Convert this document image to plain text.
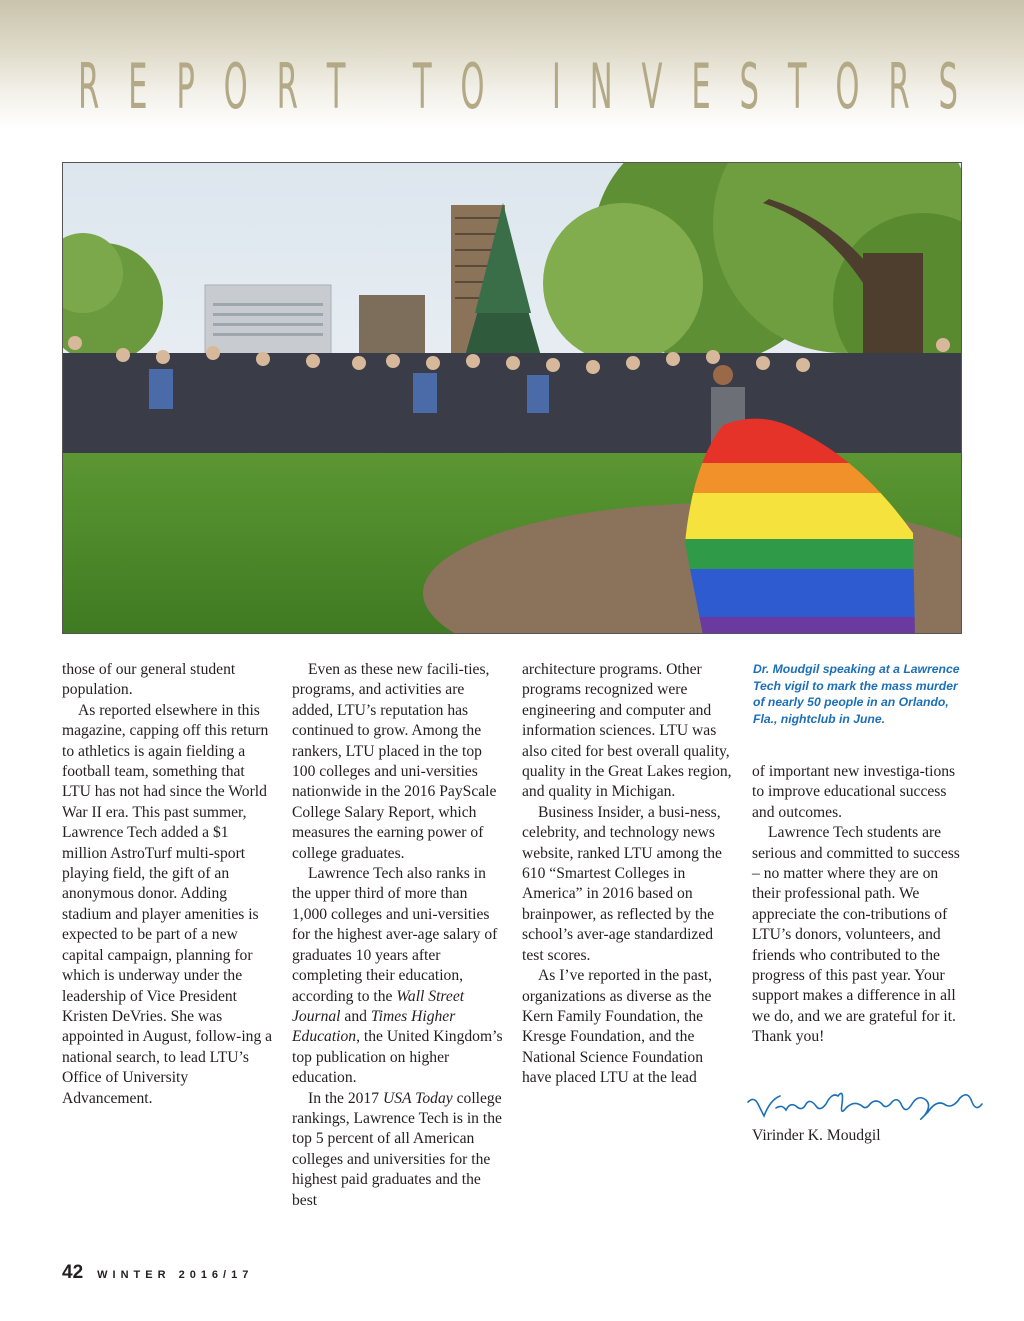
R E P O R T
T O
I N V E S T O R S

those of our general student population.

As reported elsewhere in this magazine, capping off this return to athletics is again fielding a football team, something that LTU has not had since the World War II era. This past summer, Lawrence Tech added a $1 million AstroTurf multi-sport playing field, the gift of an anonymous donor. Adding stadium and player amenities is expected to be part of a new capital campaign, planning for which is underway under the leadership of Vice President Kristen DeVries. She was appointed in August, follow-ing a national search, to lead LTU’s Office of University Advancement.

Even as these new facili-ties, programs, and activities are added, LTU’s reputation has continued to grow. Among the rankers, LTU placed in the top 100 colleges and uni-versities nationwide in the 2016 PayScale College Salary Report, which measures the earning power of college graduates.

Lawrence Tech also ranks in the upper third of more than 1,000 colleges and uni-versities for the highest aver-age salary of graduates 10 years after completing their education, according to the Wall Street Journal and Times Higher Education, the United Kingdom’s top publication on higher education.

In the 2017 USA Today college rankings, Lawrence Tech is in the top 5 percent of all American colleges and universities for the highest paid graduates and the best

architecture programs. Other programs recognized were engineering and computer and information sciences. LTU was also cited for best overall quality, quality in the Great Lakes region, and quality in Michigan.

Business Insider, a busi-ness, celebrity, and technology news website, ranked LTU among the 610 “Smartest Colleges in America” in 2016 based on brainpower, as reflected by the school’s aver-age standardized test scores.

As I’ve reported in the past, organizations as diverse as the Kern Family Foundation, the Kresge Foundation, and the National Science Foundation have placed LTU at the lead

Dr. Moudgil speaking at a Lawrence Tech vigil to mark the mass murder of nearly 50 people in an Orlando, Fla., nightclub in June.

of important new investiga-tions to improve educational success and outcomes.

Lawrence Tech students are serious and committed to success – no matter where they are on their professional path. We appreciate the con-tributions of LTU’s donors, volunteers, and friends who contributed to the progress of this past year. Your support makes a difference in all we do, and we are grateful for it. Thank you!

Virinder K. Moudgil
42 WINTER 2016/17
